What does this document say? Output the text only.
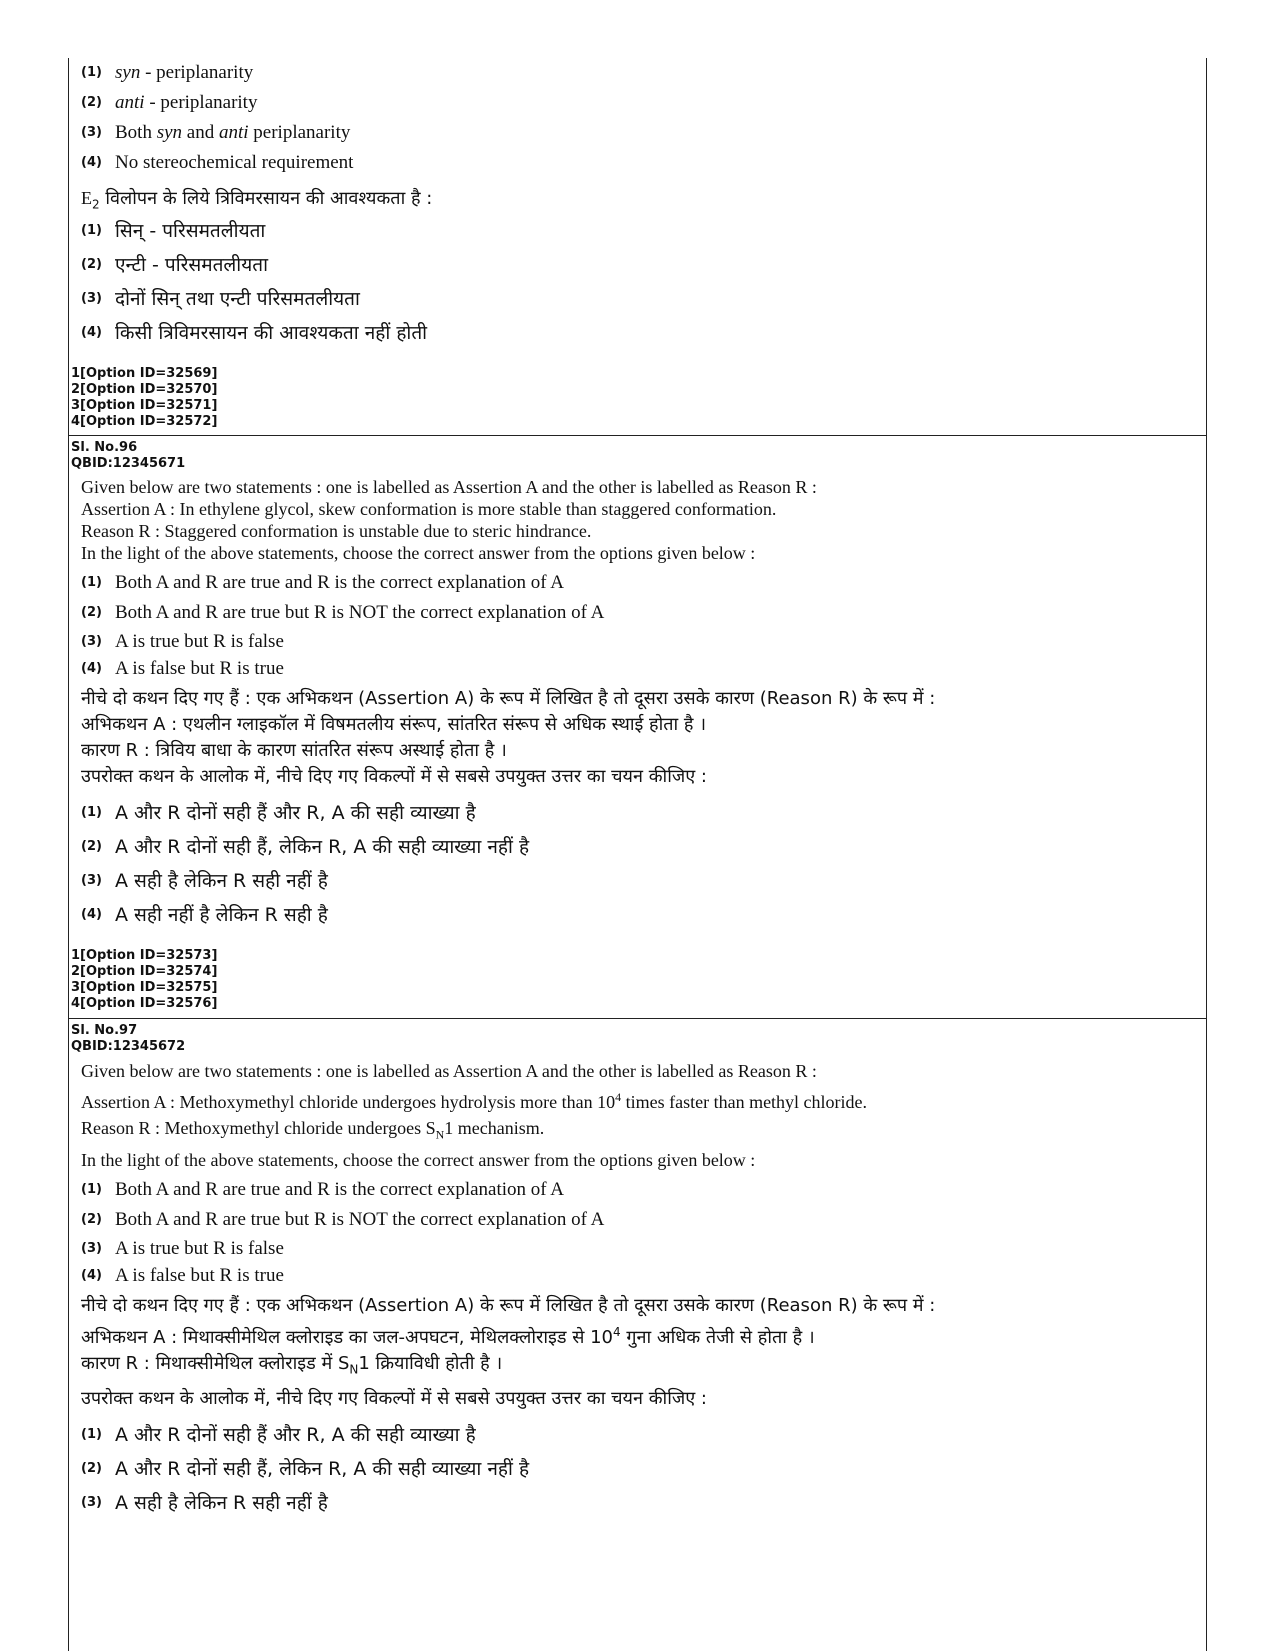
(1) syn - periplanarity
(2) anti - periplanarity
(3) Both syn and anti periplanarity
(4) No stereochemical requirement
$E_2$ विलोपन के लिये त्रिविमरसायन की आवश्यकता है :
(1) सिन् - परिसमतलीयता
(2) एन्टी - परिसमतलीयता
(3) दोनों सिन् तथा एन्टी परिसमतलीयता
(4) किसी त्रिविमरसायन की आवश्यकता नहीं होती
1[Option ID=32569]
2[Option ID=32570]
3[Option ID=32571]
4[Option ID=32572]
Sl. No.96
QBID:12345671
Given below are two statements : one is labelled as Assertion A and the other is labelled as Reason R :
Assertion A : In ethylene glycol, skew conformation is more stable than staggered conformation.
Reason R : Staggered conformation is unstable due to steric hindrance.
In the light of the above statements, choose the correct answer from the options given below :
(1) Both A and R are true and R is the correct explanation of A
(2) Both A and R are true but R is NOT the correct explanation of A
(3) A is true but R is false
(4) A is false but R is true
नीचे दो कथन दिए गए हैं : एक अभिकथन (Assertion A) के रूप में लिखित है तो दूसरा उसके कारण (Reason R) के रूप में :
अभिकथन A : एथलीन ग्लाइकॉल में विषमतलीय संरूप, सांतरित संरूप से अधिक स्थाई होता है ।
कारण R : त्रिविय बाधा के कारण सांतरित संरूप अस्थाई होता है ।
उपरोक्त कथन के आलोक में, नीचे दिए गए विकल्पों में से सबसे उपयुक्त उत्तर का चयन कीजिए :
(1) A और R दोनों सही हैं और R, A की सही व्याख्या है
(2) A और R दोनों सही हैं, लेकिन R, A की सही व्याख्या नहीं है
(3) A सही है लेकिन R सही नहीं है
(4) A सही नहीं है लेकिन R सही है
1[Option ID=32573]
2[Option ID=32574]
3[Option ID=32575]
4[Option ID=32576]
Sl. No.97
QBID:12345672
Given below are two statements : one is labelled as Assertion A and the other is labelled as Reason R :
Assertion A : Methoxymethyl chloride undergoes hydrolysis more than $10^4$ times faster than methyl chloride.
Reason R : Methoxymethyl chloride undergoes $S_N1$ mechanism.
In the light of the above statements, choose the correct answer from the options given below :
(1) Both A and R are true and R is the correct explanation of A
(2) Both A and R are true but R is NOT the correct explanation of A
(3) A is true but R is false
(4) A is false but R is true
नीचे दो कथन दिए गए हैं : एक अभिकथन (Assertion A) के रूप में लिखित है तो दूसरा उसके कारण (Reason R) के रूप में :
अभिकथन A : मिथाक्सीमेथिल क्लोराइड का जल-अपघटन, मेथिलक्लोराइड से $10^4$ गुना अधिक तेजी से होता है ।
कारण R : मिथाक्सीमेथिल क्लोराइड में $S_N1$ क्रियाविधी होती है ।
उपरोक्त कथन के आलोक में, नीचे दिए गए विकल्पों में से सबसे उपयुक्त उत्तर का चयन कीजिए :
(1) A और R दोनों सही हैं और R, A की सही व्याख्या है
(2) A और R दोनों सही हैं, लेकिन R, A की सही व्याख्या नहीं है
(3) A सही है लेकिन R सही नहीं है
